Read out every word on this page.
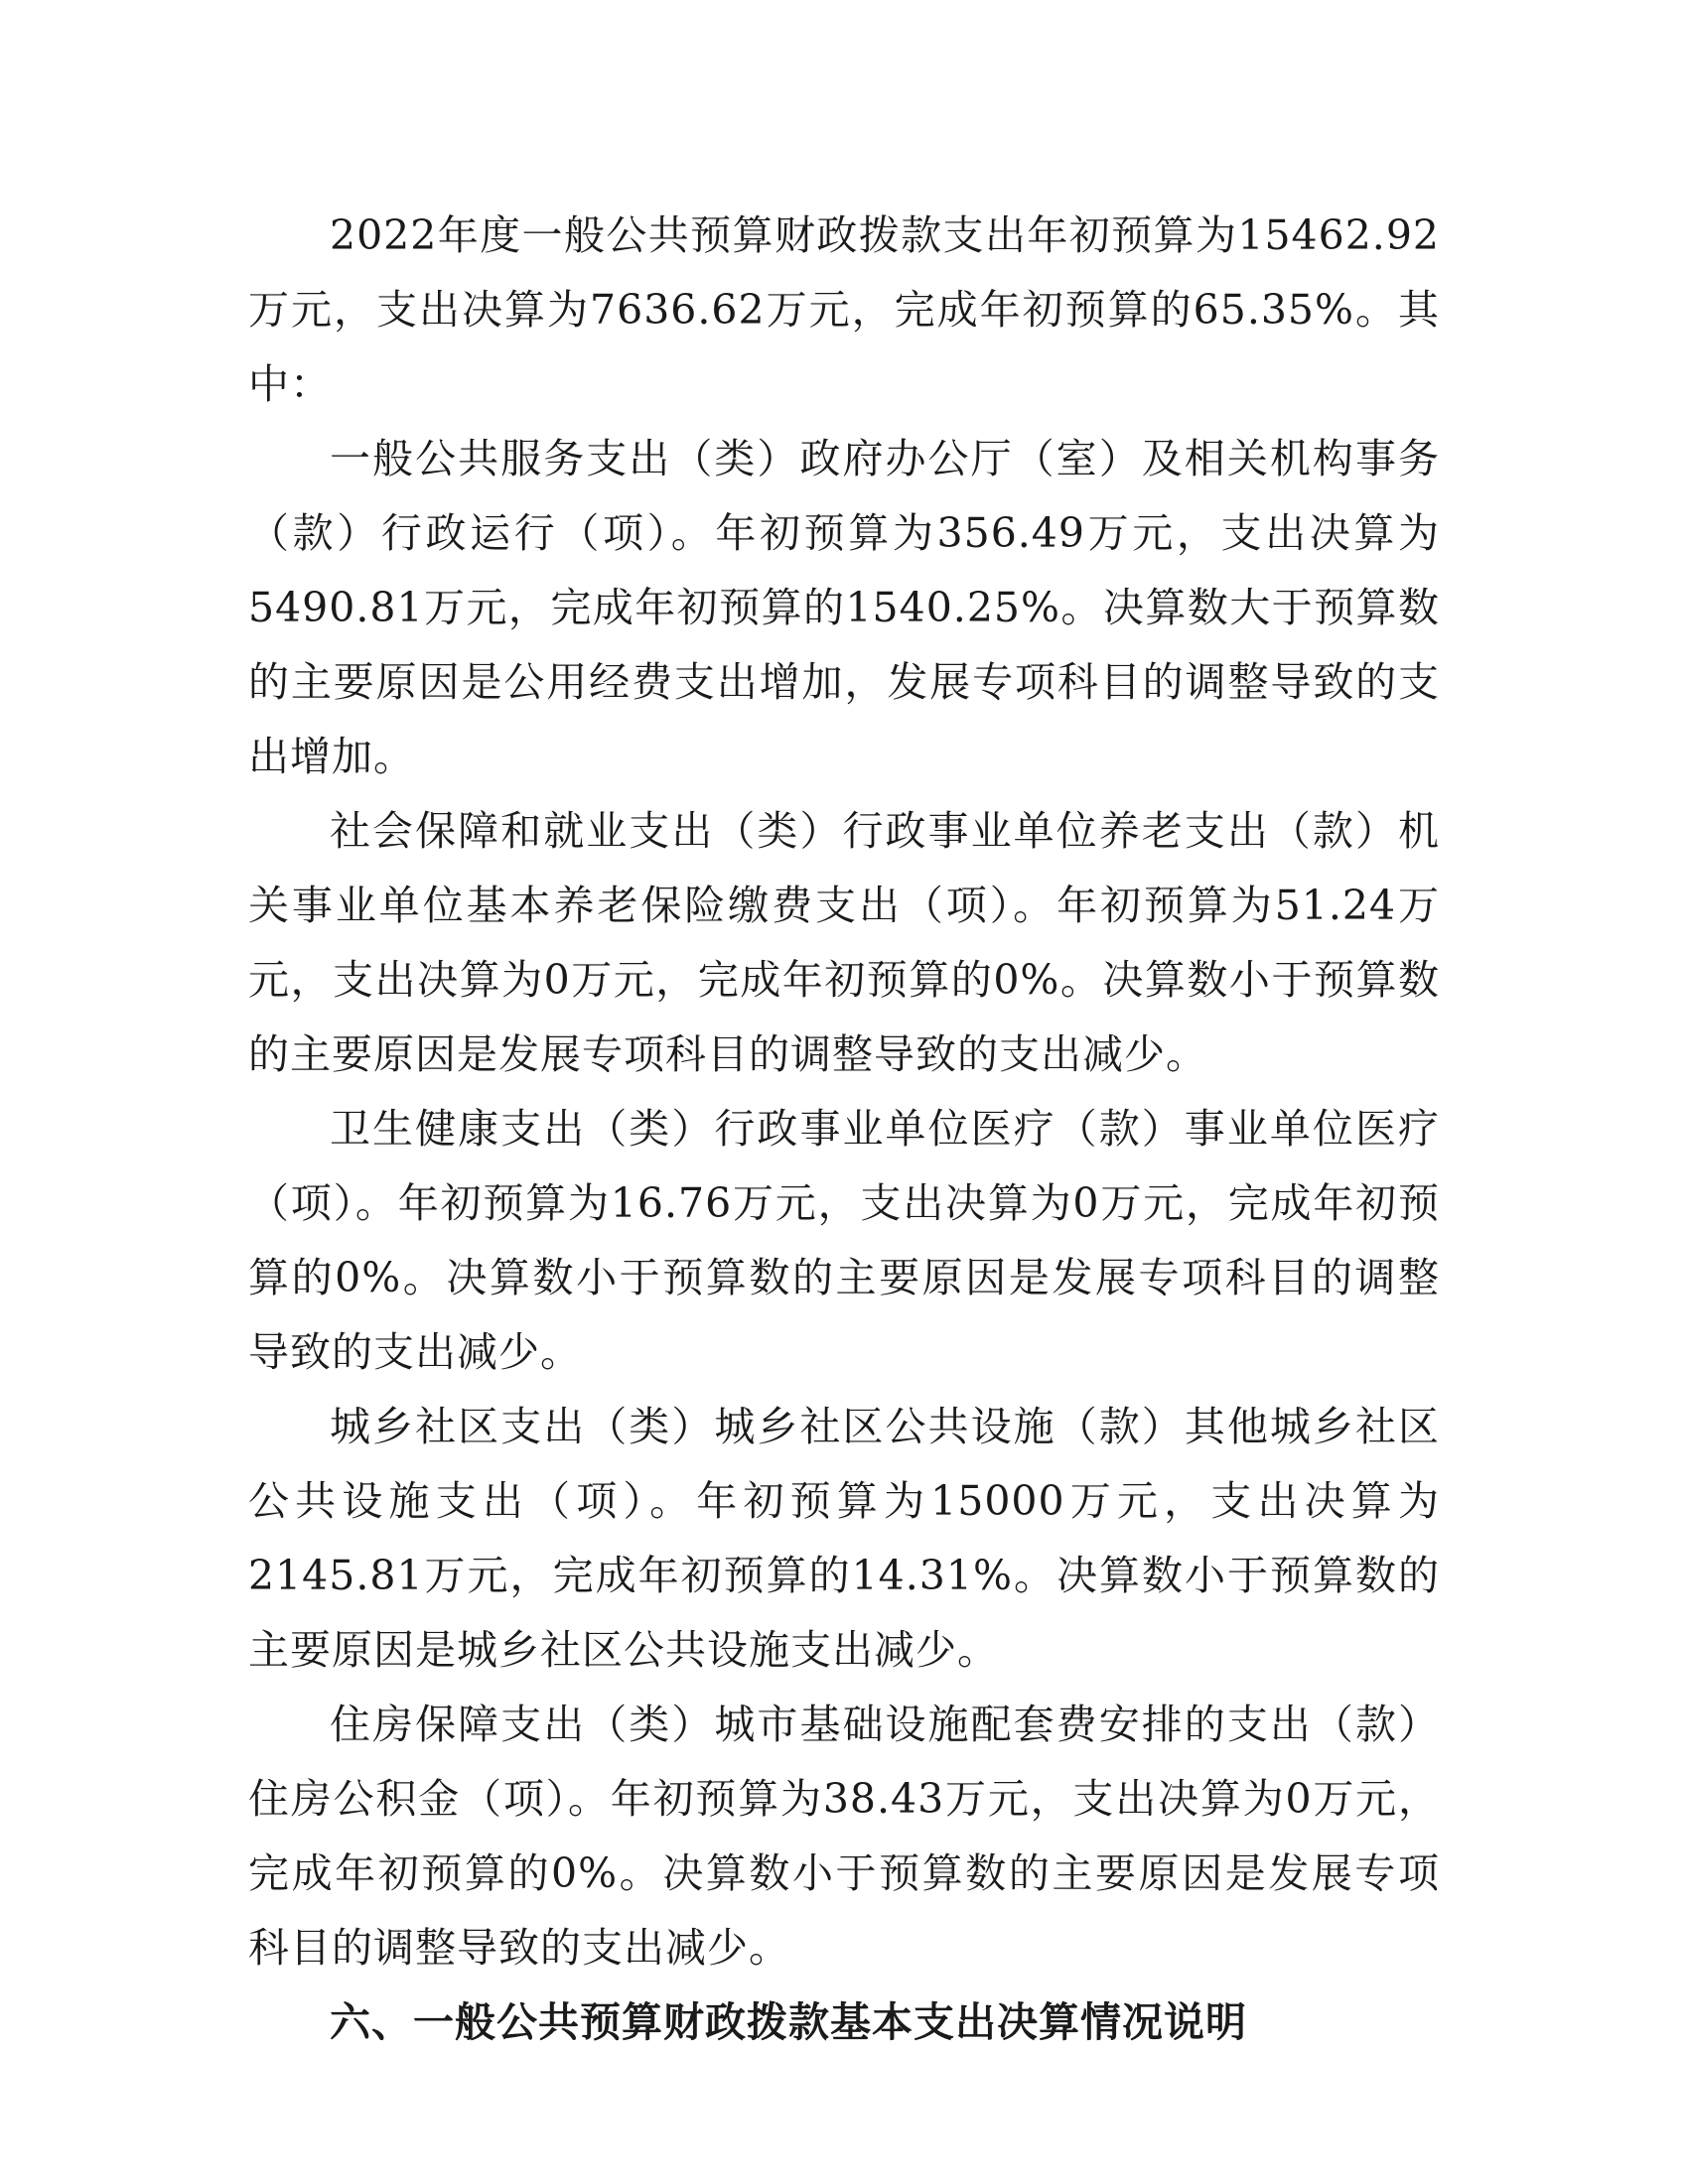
2022年度一般公共预算财政拨款支出年初预算为15462.92万元，支出决算为7636.62万元，完成年初预算的65.35%。其中：

一般公共服务支出（类）政府办公厅（室）及相关机构事务（款）行政运行（项）。年初预算为356.49万元，支出决算为5490.81万元，完成年初预算的1540.25%。决算数大于预算数的主要原因是公用经费支出增加，发展专项科目的调整导致的支出增加。

社会保障和就业支出（类）行政事业单位养老支出（款）机关事业单位基本养老保险缴费支出（项）。年初预算为51.24万元，支出决算为0万元，完成年初预算的0%。决算数小于预算数的主要原因是发展专项科目的调整导致的支出减少。

卫生健康支出（类）行政事业单位医疗（款）事业单位医疗（项）。年初预算为16.76万元，支出决算为0万元，完成年初预算的0%。决算数小于预算数的主要原因是发展专项科目的调整导致的支出减少。

城乡社区支出（类）城乡社区公共设施（款）其他城乡社区公共设施支出（项）。年初预算为15000万元，支出决算为2145.81万元，完成年初预算的14.31%。决算数小于预算数的主要原因是城乡社区公共设施支出减少。

住房保障支出（类）城市基础设施配套费安排的支出（款）住房公积金（项）。年初预算为38.43万元，支出决算为0万元，完成年初预算的0%。决算数小于预算数的主要原因是发展专项科目的调整导致的支出减少。

六、一般公共预算财政拨款基本支出决算情况说明
